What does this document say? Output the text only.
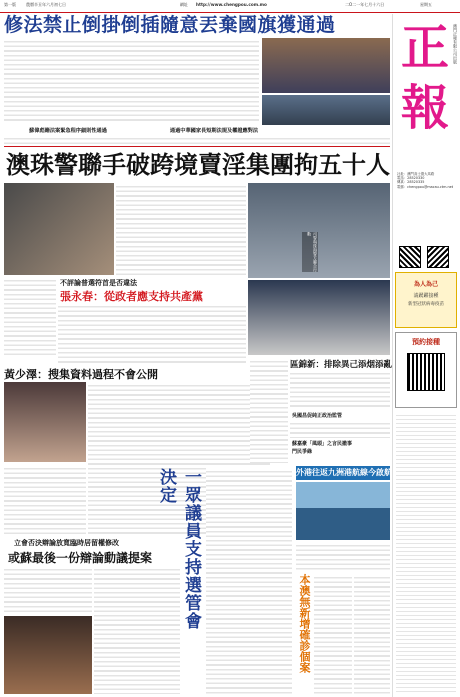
第一版	農曆辛丑年六月初七日	網址 http://www.chengpou.com.mo	二O二一年七月十六日	星期五
正
報
澳門正報有限公司出版
社址：澳門高士德大馬路
電話：28520330
傳真：28520335
電郵：chengpou@macau.ctm.net
為人為己
請踴躍接種
新型冠狀病毒疫苗
預約接種
修法禁止倒掛倒插隨意丟棄國旗獲通過
蘇偉彪籍法案緊急程序細則性通過	通過中華國家長短期法規及權證應對法
澳珠警聯手破跨境賣淫集團拘五十人
司警與珠海警方聯合行動
不評論普選符首是否違法
張永春：從政者應支持共產黨
黃少澤：搜集資料過程不會公開
區錦新：排除異己添烟添亂
吳國昌促純正政治監管
蘇嘉豪「風頭」之言民撤事
門民爭綠
一眾議員支持選管會決定	外港往返九洲港航線今啟航
立會否決辯論放寬臨時居留權修改
或蘇最後一份辯論動議提案
本澳無新增確診個案
